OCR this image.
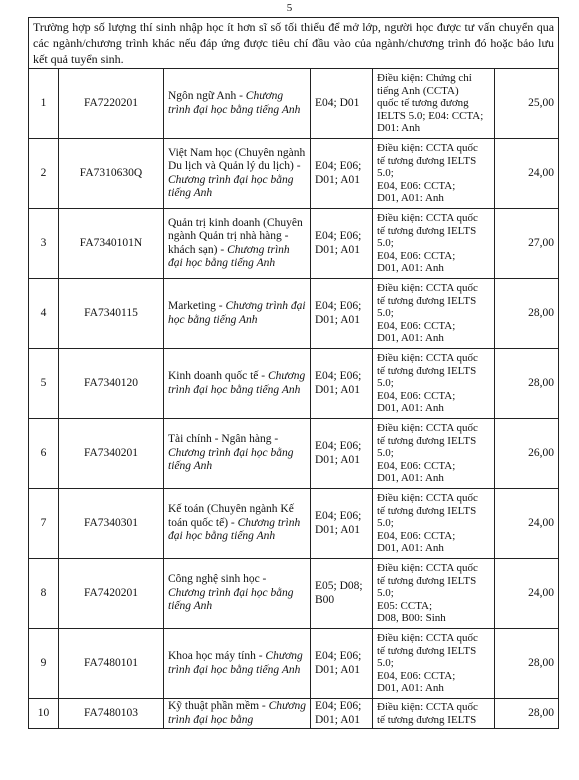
5
Trường hợp số lượng thí sinh nhập học ít hơn sĩ số tối thiểu để mở lớp, người học được tư vấn chuyển qua các ngành/chương trình khác nếu đáp ứng được tiêu chí đầu vào của ngành/chương trình đó hoặc bảo lưu kết quả tuyển sinh.					
1	FA7220201	Ngôn ngữ Anh - Chương trình đại học bằng tiếng Anh	E04; D01	Điều kiện: Chứng chỉ
tiếng Anh (CCTA)
quốc tế tương đương
IELTS 5.0; E04: CCTA;
D01: Anh	25,00
2	FA7310630Q	Việt Nam học (Chuyên ngành Du lịch và Quản lý du lịch) - Chương trình đại học bằng tiếng Anh	E04; E06; D01; A01	Điều kiện: CCTA quốc
tế tương đương IELTS
5.0;
E04, E06: CCTA;
D01, A01: Anh	24,00
3	FA7340101N	Quản trị kinh doanh (Chuyên ngành Quản trị nhà hàng - khách sạn) - Chương trình đại học bằng tiếng Anh	E04; E06; D01; A01	Điều kiện: CCTA quốc
tế tương đương IELTS
5.0;
E04, E06: CCTA;
D01, A01: Anh	27,00
4	FA7340115	Marketing - Chương trình đại học bằng tiếng Anh	E04; E06; D01; A01	Điều kiện: CCTA quốc
tế tương đương IELTS
5.0;
E04, E06: CCTA;
D01, A01: Anh	28,00
5	FA7340120	Kinh doanh quốc tế - Chương trình đại học bằng tiếng Anh	E04; E06; D01; A01	Điều kiện: CCTA quốc
tế tương đương IELTS
5.0;
E04, E06: CCTA;
D01, A01: Anh	28,00
6	FA7340201	Tài chính - Ngân hàng - Chương trình đại học bằng tiếng Anh	E04; E06; D01; A01	Điều kiện: CCTA quốc
tế tương đương IELTS
5.0;
E04, E06: CCTA;
D01, A01: Anh	26,00
7	FA7340301	Kế toán (Chuyên ngành Kế toán quốc tế) - Chương trình đại học bằng tiếng Anh	E04; E06; D01; A01	Điều kiện: CCTA quốc
tế tương đương IELTS
5.0;
E04, E06: CCTA;
D01, A01: Anh	24,00
8	FA7420201	Công nghệ sinh học - Chương trình đại học bằng tiếng Anh	E05; D08; B00	Điều kiện: CCTA quốc
tế tương đương IELTS
5.0;
E05: CCTA;
D08, B00: Sinh	24,00
9	FA7480101	Khoa học máy tính - Chương trình đại học bằng tiếng Anh	E04; E06; D01; A01	Điều kiện: CCTA quốc
tế tương đương IELTS
5.0;
E04, E06: CCTA;
D01, A01: Anh	28,00
10	FA7480103	Kỹ thuật phần mềm - Chương trình đại học bằng	E04; E06; D01; A01	Điều kiện: CCTA quốc
tế tương đương IELTS	28,00
